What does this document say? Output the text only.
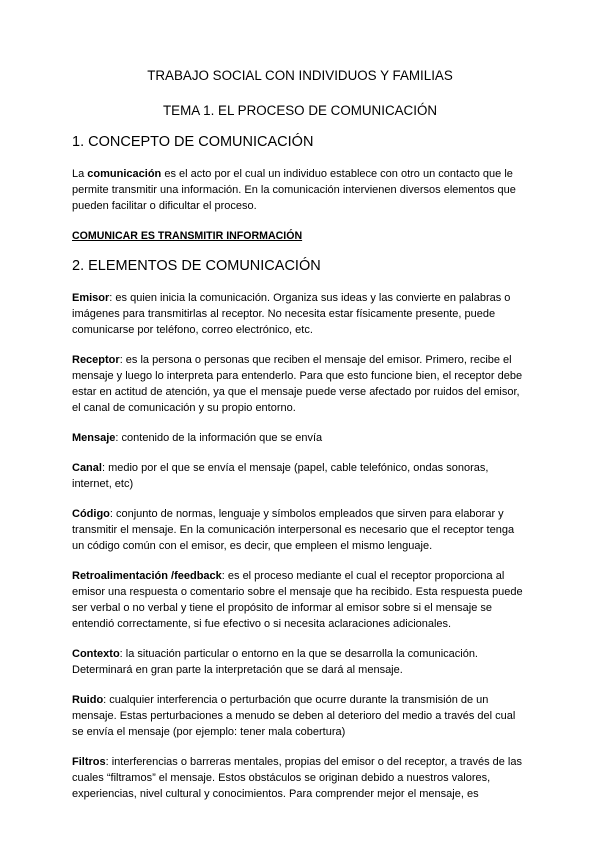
TRABAJO SOCIAL CON INDIVIDUOS Y FAMILIAS
TEMA 1. EL PROCESO DE COMUNICACIÓN
1. CONCEPTO DE COMUNICACIÓN

La comunicación es el acto por el cual un individuo establece con otro un contacto que le permite transmitir una información. En la comunicación intervienen diversos elementos que pueden facilitar o dificultar el proceso.

COMUNICAR ES TRANSMITIR INFORMACIÓN

2. ELEMENTOS DE COMUNICACIÓN

Emisor: es quien inicia la comunicación. Organiza sus ideas y las convierte en palabras o imágenes para transmitirlas al receptor. No necesita estar físicamente presente, puede comunicarse por teléfono, correo electrónico, etc.

Receptor: es la persona o personas que reciben el mensaje del emisor. Primero, recibe el mensaje y luego lo interpreta para entenderlo. Para que esto funcione bien, el receptor debe estar en actitud de atención, ya que el mensaje puede verse afectado por ruidos del emisor, el canal de comunicación y su propio entorno.

Mensaje: contenido de la información que se envía

Canal: medio por el que se envía el mensaje (papel, cable telefónico, ondas sonoras, internet, etc)

Código: conjunto de normas, lenguaje y símbolos empleados que sirven para elaborar y transmitir el mensaje. En la comunicación interpersonal es necesario que el receptor tenga un código común con el emisor, es decir, que empleen el mismo lenguaje.

Retroalimentación /feedback: es el proceso mediante el cual el receptor proporciona al emisor una respuesta o comentario sobre el mensaje que ha recibido. Esta respuesta puede ser verbal o no verbal y tiene el propósito de informar al emisor sobre si el mensaje se entendió correctamente, si fue efectivo o si necesita aclaraciones adicionales.

Contexto: la situación particular o entorno en la que se desarrolla la comunicación. Determinará en gran parte la interpretación que se dará al mensaje.

Ruido: cualquier interferencia o perturbación que ocurre durante la transmisión de un mensaje. Estas perturbaciones a menudo se deben al deterioro del medio a través del cual se envía el mensaje (por ejemplo: tener mala cobertura)

Filtros: interferencias o barreras mentales, propias del emisor o del receptor, a través de las cuales “filtramos” el mensaje. Estos obstáculos se originan debido a nuestros valores, experiencias, nivel cultural y conocimientos. Para comprender mejor el mensaje, es
